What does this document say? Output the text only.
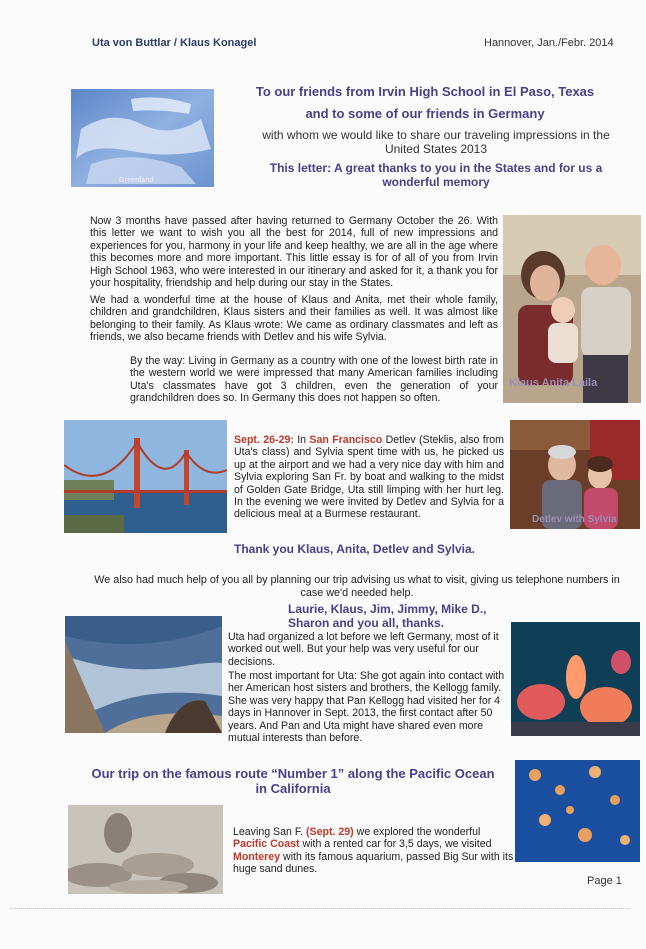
Uta von Buttlar / Klaus Konagel	Hannover, Jan./Febr. 2014
Greenland
To our friends from Irvin High School in El Paso, Texas
and to some of our friends in Germany
with whom we would like to share our traveling impressions in the United States 2013
This letter: A great thanks to you in the States and for us a wonderful memory
Now 3 months have passed after having returned to Germany October the 26. With this letter we want to wish you all the best for 2014, full of new impressions and experiences for you, harmony in your life and keep healthy, we are all in the age where this becomes more and more important. This little essay is for of all of you from Irvin High School 1963, who were interested in our itinerary and asked for it, a thank you for your hospitality, friendship and help during our stay in the States.
We had a wonderful time at the house of Klaus and Anita, met their whole family, children and grandchildren, Klaus sisters and their families as well. It was almost like belonging to their family. As Klaus wrote: We came as ordinary classmates and left as friends, we also became friends with Detlev and his wife Sylvia.
By the way: Living in Germany as a country with one of the lowest birth rate in the western world we were impressed that many American families including Uta's classmates have got 3 children, even the generation of your grandchildren does so. In Germany this does not happen so often.
Klaus Anita Laila
Sept. 26-29: In San Francisco Detlev (Steklis, also from Uta's class) and Sylvia spent time with us, he picked us up at the airport and we had a very nice day with him and Sylvia exploring San Fr. by boat and walking to the midst of Golden Gate Bridge, Uta still limping with her hurt leg. In the evening we were invited by Detlev and Sylvia for a delicious meal at a Burmese restaurant.
Thank you Klaus, Anita, Detlev and Sylvia.
Detlev with Sylvia
We also had much help of you all by planning our trip advising us what to visit, giving us telephone numbers in case we'd needed help.
Laurie, Klaus, Jim, Jimmy, Mike D.,
Sharon and you all, thanks.
Uta had organized a lot before we left Germany, most of it worked out well. But your help was very useful for our decisions.
The most important for Uta: She got again into contact with her American host sisters and brothers, the Kellogg family. She was very happy that Pan Kellogg had visited her for 4 days in Hannover in Sept. 2013, the first contact after 50 years. And Pan and Uta might have shared even more mutual interests than before.
Our trip on the famous route “Number 1” along the Pacific Ocean
in California
Leaving San F. (Sept. 29) we explored the wonderful Pacific Coast with a rented car for 3,5 days, we visited Monterey with its famous aquarium, passed Big Sur with its huge sand dunes.
Page 1
